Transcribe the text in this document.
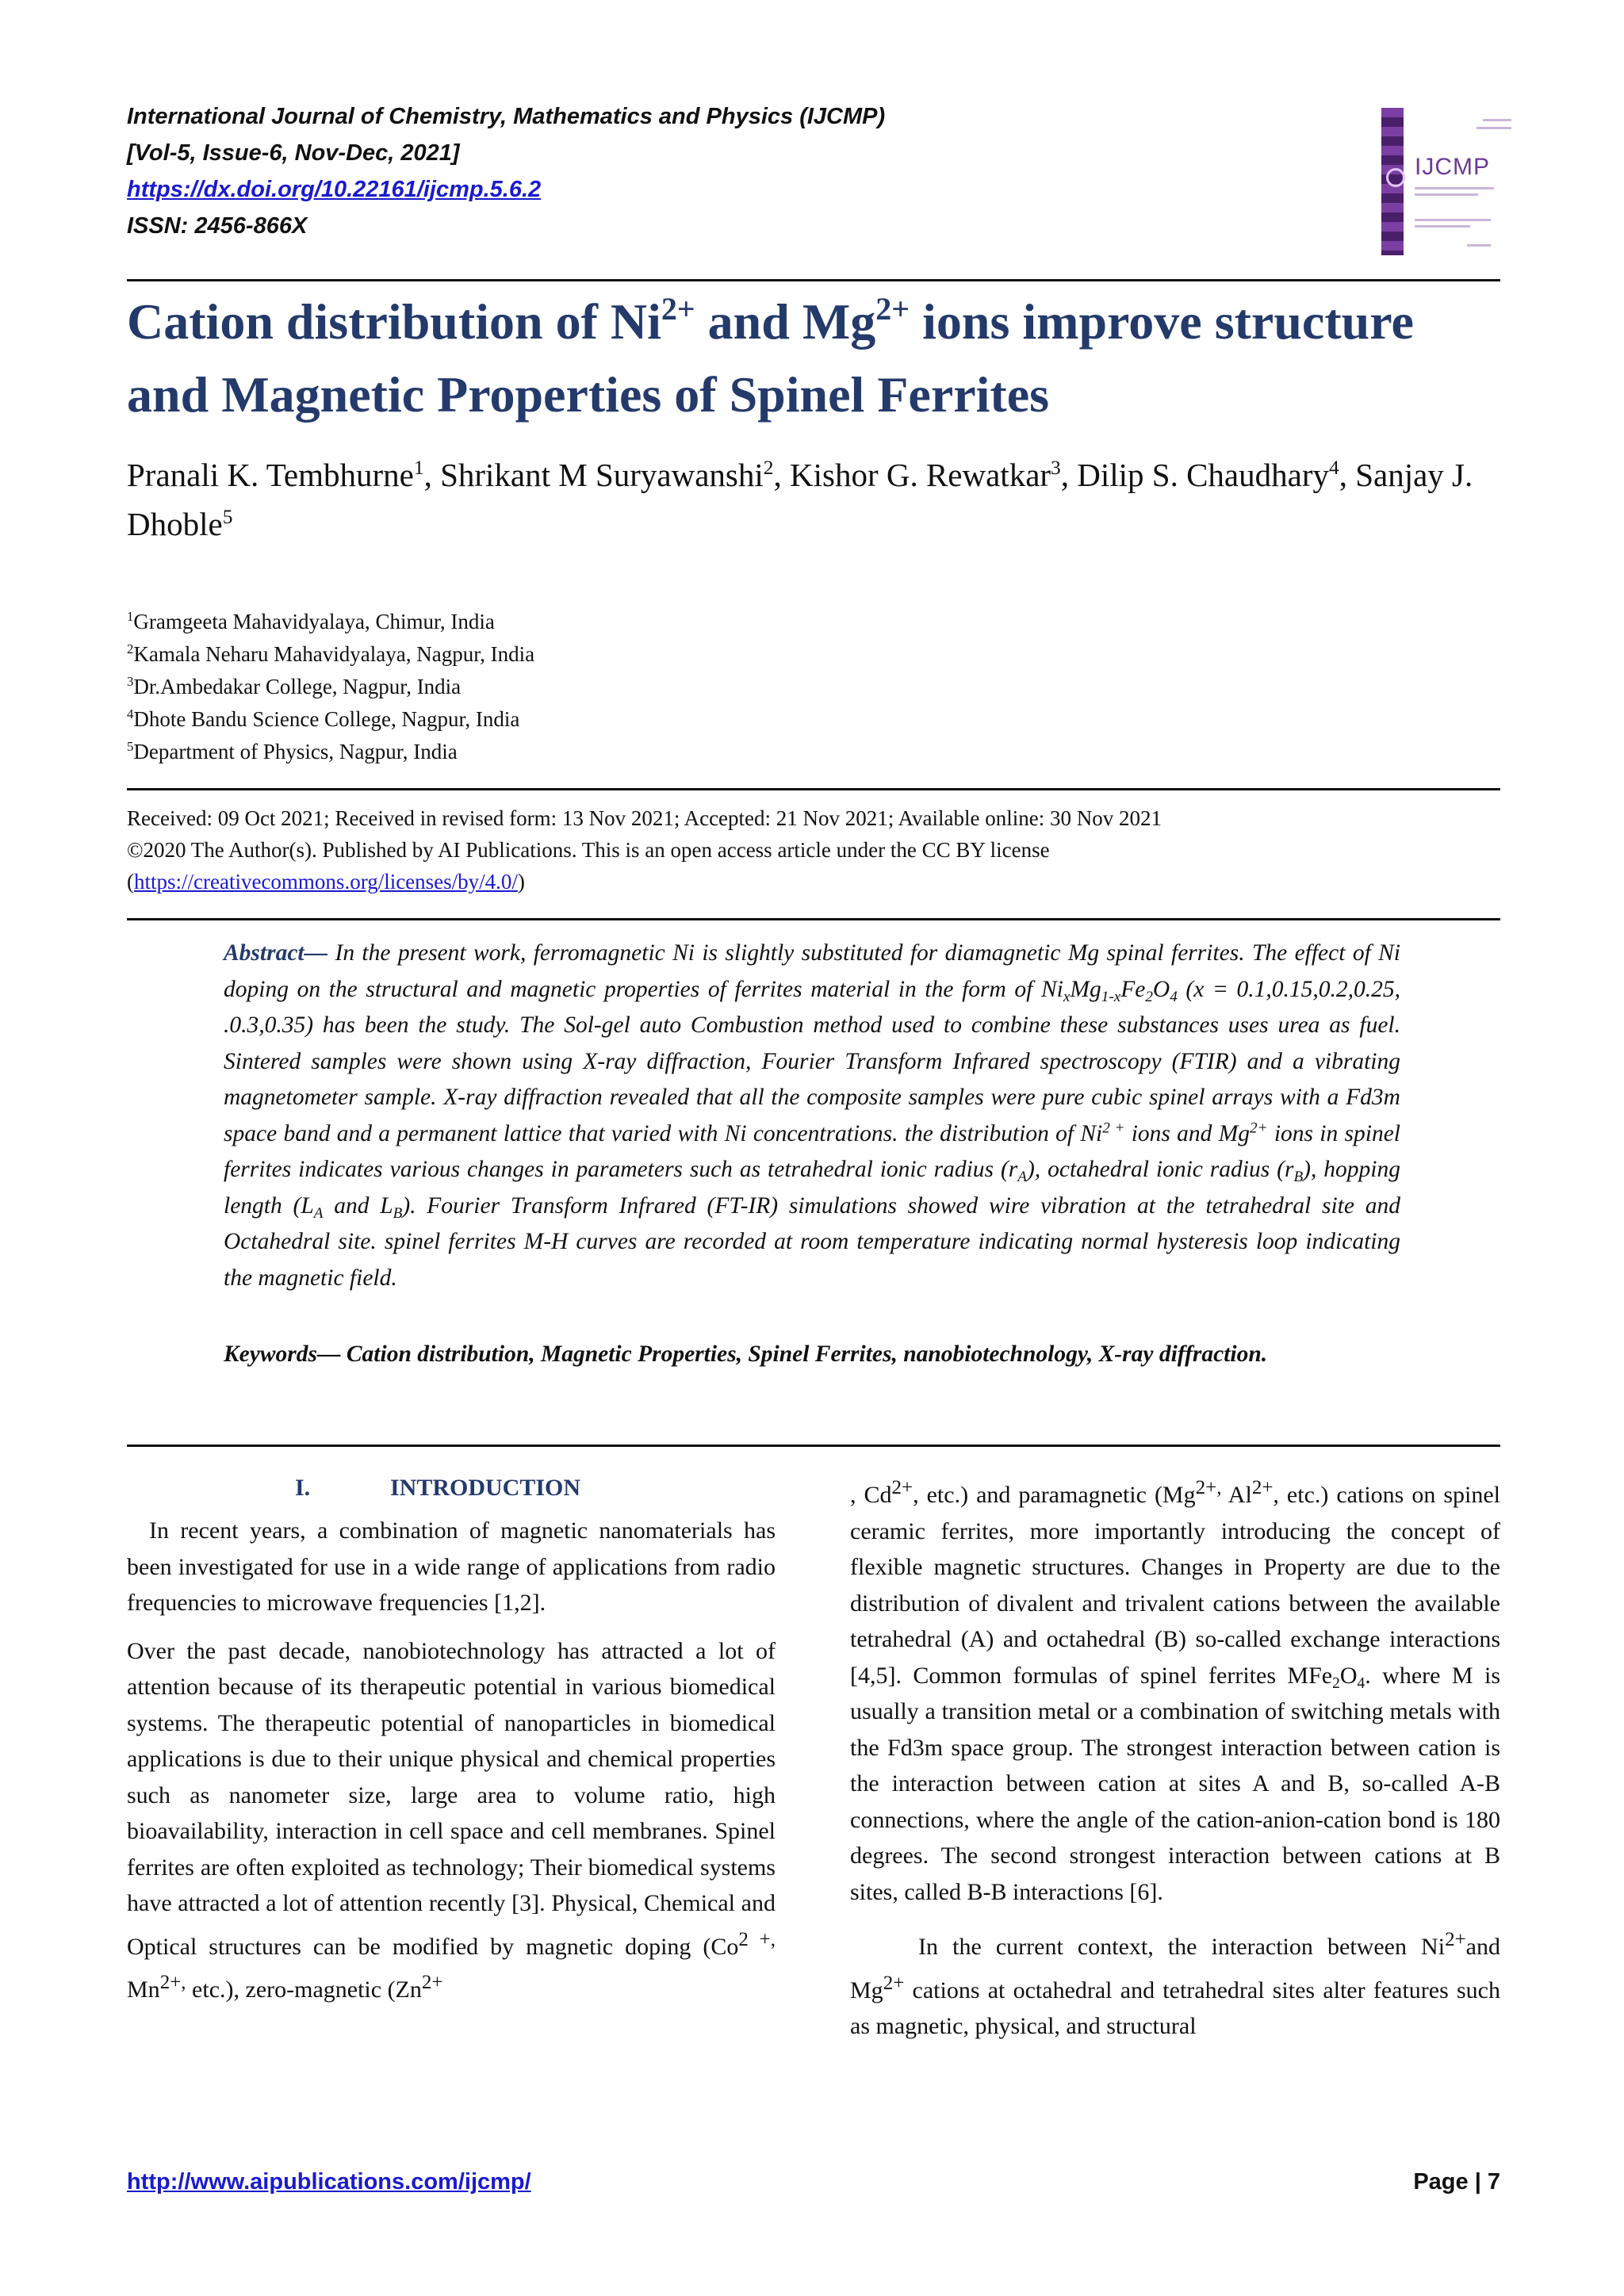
International Journal of Chemistry, Mathematics and Physics (IJCMP)
[Vol-5, Issue-6, Nov-Dec, 2021]
https://dx.doi.org/10.22161/ijcmp.5.6.2
ISSN: 2456-866X
IJCMP
Cation distribution of $Ni^{2+}$ and $Mg^{2+}$ ions improve structure and Magnetic Properties of Spinel Ferrites
Pranali K. Tembhurne$^1$, Shrikant M Suryawanshi$^2$, Kishor G. Rewatkar$^3$, Dilip S. Chaudhary$^4$, Sanjay J. Dhoble$^5$
$^1$Gramgeeta Mahavidyalaya, Chimur, India
$^2$Kamala Neharu Mahavidyalaya, Nagpur, India
$^3$Dr.Ambedakar College, Nagpur, India
$^4$Dhote Bandu Science College, Nagpur, India
$^5$Department of Physics, Nagpur, India
Received: 09 Oct 2021; Received in revised form: 13 Nov 2021; Accepted: 21 Nov 2021; Available online: 30 Nov 2021
©2020 The Author(s). Published by AI Publications. This is an open access article under the CC BY license
(https://creativecommons.org/licenses/by/4.0/)
Abstract— In the present work, ferromagnetic Ni is slightly substituted for diamagnetic Mg spinal ferrites. The effect of Ni doping on the structural and magnetic properties of ferrites material in the form of $Ni_xMg_{1-x}Fe_2O_4$ (x = 0.1,0.15,0.2,0.25, .0.3,0.35) has been the study. The Sol-gel auto Combustion method used to combine these substances uses urea as fuel. Sintered samples were shown using X-ray diffraction, Fourier Transform Infrared spectroscopy (FTIR) and a vibrating magnetometer sample. X-ray diffraction revealed that all the composite samples were pure cubic spinel arrays with a Fd3m space band and a permanent lattice that varied with Ni concentrations. the distribution of $Ni^{2 +}$ ions and $Mg^{2+}$ ions in spinel ferrites indicates various changes in parameters such as tetrahedral ionic radius $(r_A)$, octahedral ionic radius $(r_B)$, hopping length ($L_A$ and $L_B$). Fourier Transform Infrared (FT-IR) simulations showed wire vibration at the tetrahedral site and Octahedral site. spinel ferrites M-H curves are recorded at room temperature indicating normal hysteresis loop indicating the magnetic field.
Keywords— Cation distribution, Magnetic Properties, Spinel Ferrites, nanobiotechnology, X-ray diffraction.
I.	INTRODUCTION

In recent years, a combination of magnetic nanomaterials has been investigated for use in a wide range of applications from radio frequencies to microwave frequencies [1,2].

Over the past decade, nanobiotechnology has attracted a lot of attention because of its therapeutic potential in various biomedical systems. The therapeutic potential of nanoparticles in biomedical applications is due to their unique physical and chemical properties such as nanometer size, large area to volume ratio, high bioavailability, interaction in cell space and cell membranes. Spinel ferrites are often exploited as technology; Their biomedical systems have attracted a lot of attention recently [3]. Physical, Chemical and Optical structures can be modified by magnetic doping ($Co^{2 +,}$ $Mn^{2+,}$ etc.), zero-magnetic ($Zn^{2+}$

, $Cd^{2+}$, etc.) and paramagnetic ($Mg^{2+,}$ $Al^{2+}$, etc.) cations on spinel ceramic ferrites, more importantly introducing the concept of flexible magnetic structures. Changes in Property are due to the distribution of divalent and trivalent cations between the available tetrahedral (A) and octahedral (B) so-called exchange interactions [4,5]. Common formulas of spinel ferrites $MFe_2O_4$. where M is usually a transition metal or a combination of switching metals with the Fd3m space group. The strongest interaction between cation is the interaction between cation at sites A and B, so-called A-B connections, where the angle of the cation-anion-cation bond is 180 degrees. The second strongest interaction between cations at B sites, called B-B interactions [6].

In the current context, the interaction between $Ni^{2+}and$ $Mg^{2+}$ cations at octahedral and tetrahedral sites alter features such as magnetic, physical, and structural

http://www.aipublications.com/ijcmp/	Page | 7
